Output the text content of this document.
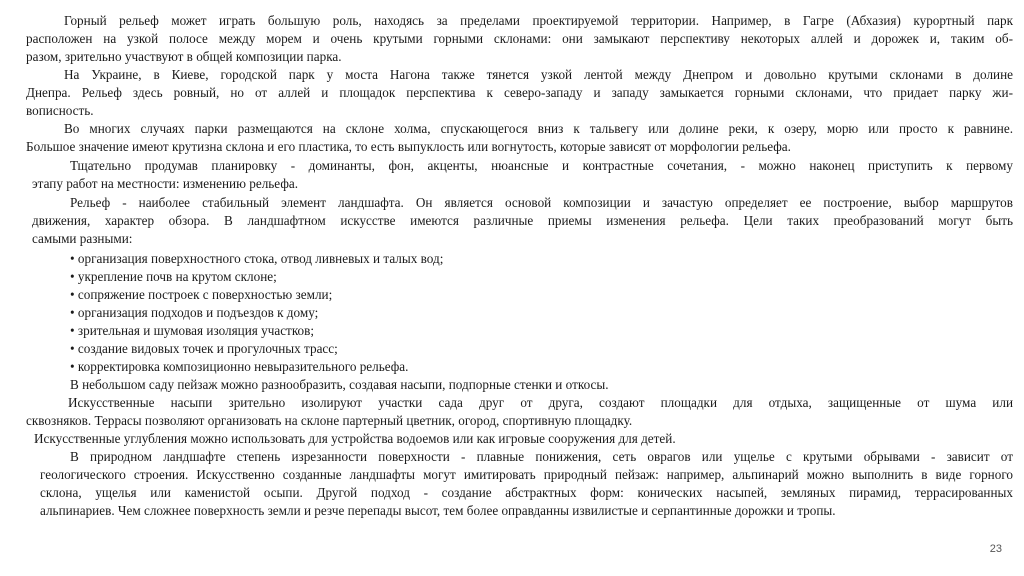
Горный рельеф может играть большую роль, находясь за пределами проектируемой территории. Например, в Гагре (Абхазия) курортный парк
расположен на узкой полосе между морем и очень крутыми горными склонами: они замыкают перспективу некоторых аллей и дорожек и, таким об-
разом, зрительно участвуют в общей композиции парка.
На Украине, в Киеве, городской парк у моста Нагона также тянется узкой лентой между Днепром и довольно крутыми склонами в долине
Днепра. Рельеф здесь ровный, но от аллей и площадок перспектива к северо-западу и западу замыкается горными склонами, что придает парку жи-
вописность.
Во многих случаях парки размещаются на склоне холма, спускающегося вниз к тальвегу или долине реки, к озеру, морю или просто к равнине.
Большое значение имеют крутизна склона и его пластика, то есть выпуклость или вогнутость, которые зависят от морфологии рельефа.
Тщательно продумав планировку - доминанты, фон, акценты, нюансные и контрастные сочетания, - можно наконец приступить к первому
этапу работ на местности: изменению рельефа.
Рельеф - наиболее стабильный элемент ландшафта. Он является основой композиции и зачастую определяет ее построение, выбор маршрутов
движения, характер обзора. В ландшафтном искусстве имеются различные приемы изменения рельефа. Цели таких преобразований могут быть
самыми разными:
• организация поверхностного стока, отвод ливневых и талых вод;
• укрепление почв на крутом склоне;
• сопряжение построек с поверхностью земли;
• организация подходов и подъездов к дому;
• зрительная и шумовая изоляция участков;
• создание видовых точек и прогулочных трасс;
• корректировка композиционно невыразительного рельефа.
В небольшом саду пейзаж можно разнообразить, создавая насыпи, подпорные стенки и откосы.
Искусственные насыпи зрительно изолируют участки сада друг от друга, создают площадки для отдыха, защищенные от шума или
сквозняков. Террасы позволяют организовать на склоне партерный цветник, огород, спортивную площадку.
Искусственные углубления можно использовать для устройства водоемов или как игровые сооружения для детей.
В природном ландшафте степень изрезанности поверхности - плавные понижения, сеть оврагов или ущелье с крутыми обрывами - зависит от
геологического строения. Искусственно созданные ландшафты могут имитировать природный пейзаж: например, альпинарий можно выполнить в виде горного
склона, ущелья или каменистой осыпи. Другой подход - создание абстрактных форм: конических насыпей, земляных пирамид, террасированных
альпинариев. Чем сложнее поверхность земли и резче перепады высот, тем более оправданны извилистые и серпантинные дорожки и тропы.
23
